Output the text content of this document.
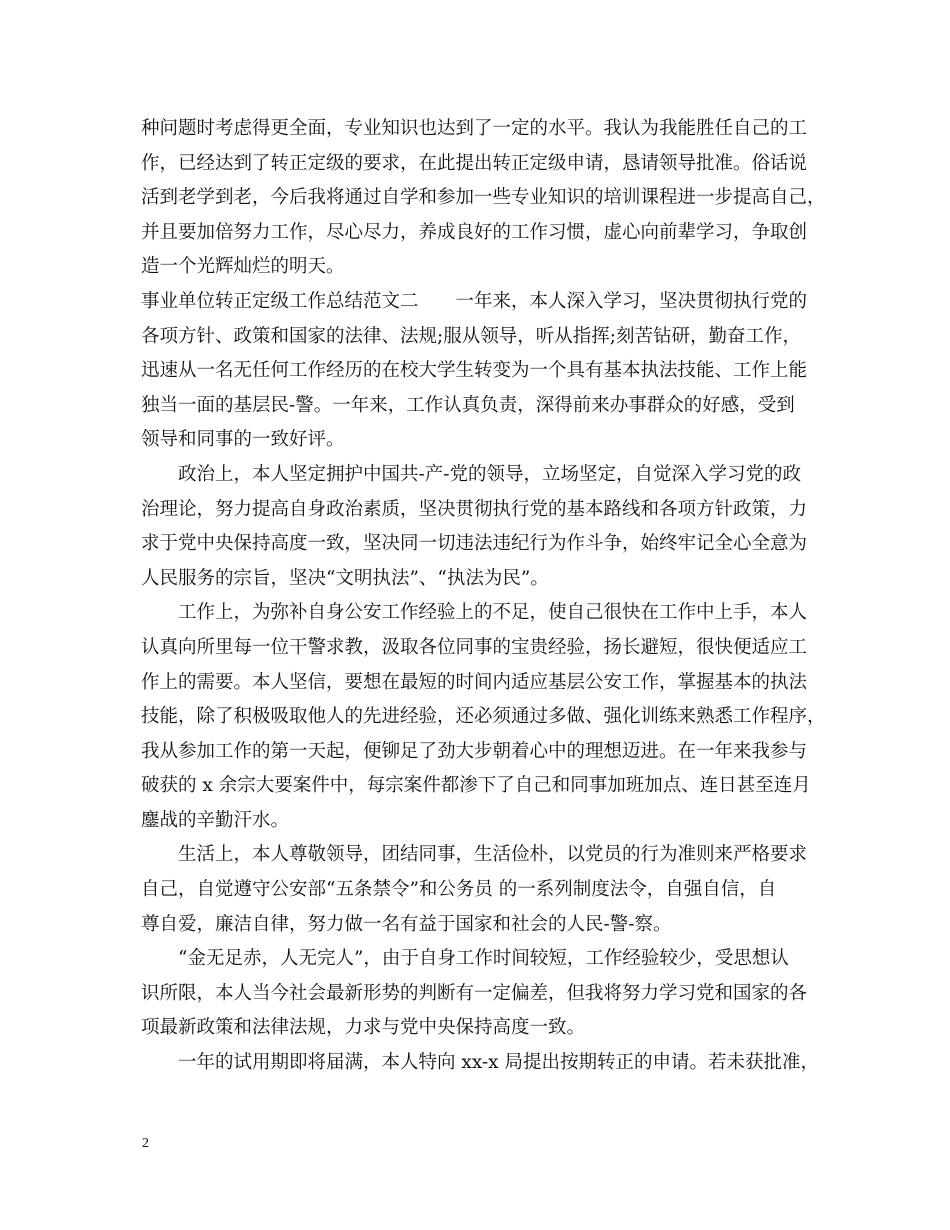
种问题时考虑得更全面，专业知识也达到了一定的水平。我认为我能胜任自己的工
作，已经达到了转正定级的要求，在此提出转正定级申请，恳请领导批准。俗话说
活到老学到老，今后我将通过自学和参加一些专业知识的培训课程进一步提高自己，
并且要加倍努力工作，尽心尽力，养成良好的工作习惯，虚心向前辈学习，争取创
造一个光辉灿烂的明天。
事业单位转正定级工作总结范文二　　一年来，本人深入学习，坚决贯彻执行党的
各项方针、政策和国家的法律、法规;服从领导，听从指挥;刻苦钻研，勤奋工作，
迅速从一名无任何工作经历的在校大学生转变为一个具有基本执法技能、工作上能
独当一面的基层民-警。一年来，工作认真负责，深得前来办事群众的好感，受到
领导和同事的一致好评。
政治上，本人坚定拥护中国共-产-党的领导，立场坚定，自觉深入学习党的政
治理论，努力提高自身政治素质，坚决贯彻执行党的基本路线和各项方针政策，力
求于党中央保持高度一致，坚决同一切违法违纪行为作斗争，始终牢记全心全意为
人民服务的宗旨，坚决“文明执法”、“执法为民”。
工作上，为弥补自身公安工作经验上的不足，使自己很快在工作中上手，本人
认真向所里每一位干警求教，汲取各位同事的宝贵经验，扬长避短，很快便适应工
作上的需要。本人坚信，要想在最短的时间内适应基层公安工作，掌握基本的执法
技能，除了积极吸取他人的先进经验，还必须通过多做、强化训练来熟悉工作程序，
我从参加工作的第一天起，便铆足了劲大步朝着心中的理想迈进。在一年来我参与
破获的 x 余宗大要案件中，每宗案件都渗下了自己和同事加班加点、连日甚至连月
鏖战的辛勤汗水。
生活上，本人尊敬领导，团结同事，生活俭朴，以党员的行为准则来严格要求
自己，自觉遵守公安部“五条禁令”和公务员 的一系列制度法令，自强自信，自
尊自爱，廉洁自律，努力做一名有益于国家和社会的人民-警-察。
“金无足赤，人无完人”，由于自身工作时间较短，工作经验较少，受思想认
识所限，本人当今社会最新形势的判断有一定偏差，但我将努力学习党和国家的各
项最新政策和法律法规，力求与党中央保持高度一致。
一年的试用期即将届满，本人特向 xx-x 局提出按期转正的申请。若未获批准，
2
